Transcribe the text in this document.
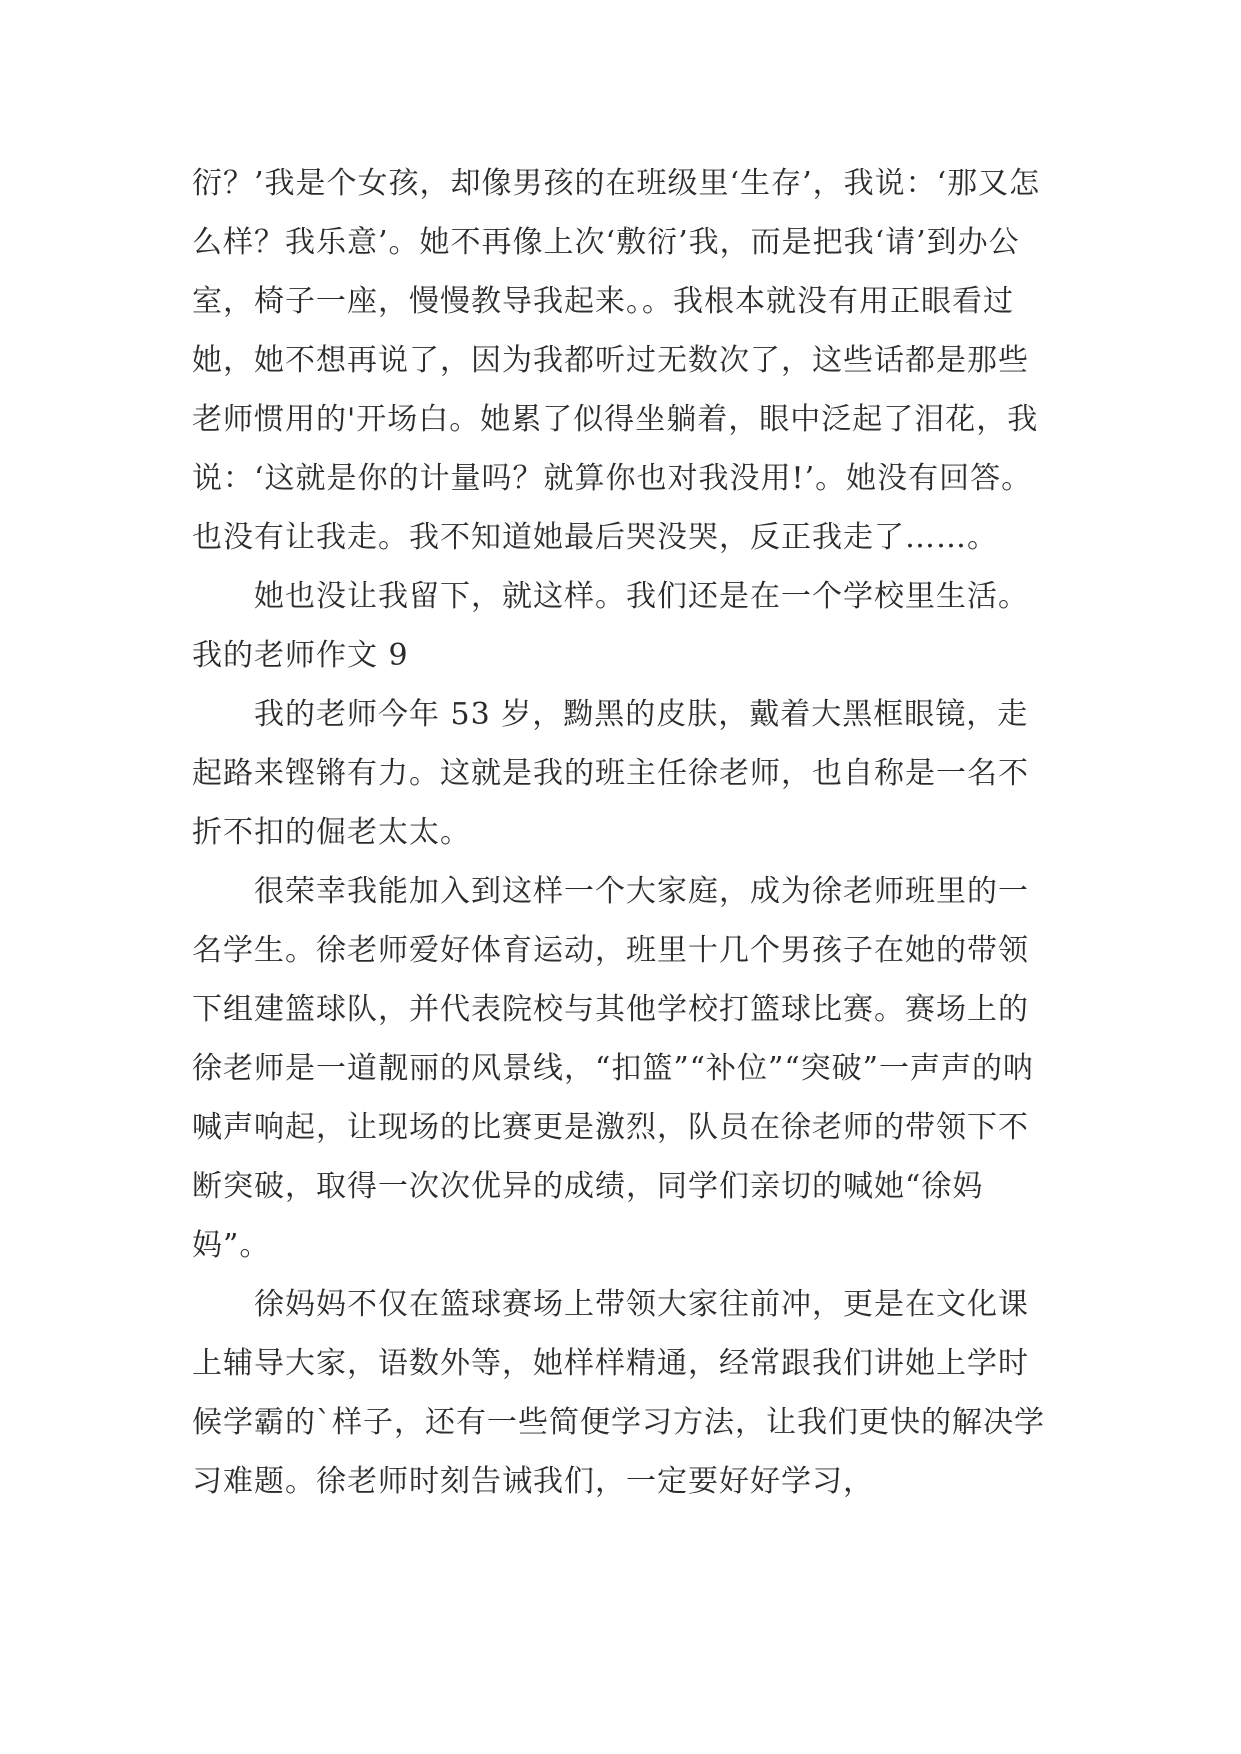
衍？’我是个女孩，却像男孩的在班级里‘生存’，我说：‘那又怎么样？我乐意’。她不再像上次‘敷衍’我，而是把我‘请’到办公室，椅子一座，慢慢教导我起来。。我根本就没有用正眼看过她，她不想再说了，因为我都听过无数次了，这些话都是那些老师惯用的'开场白。她累了似得坐躺着，眼中泛起了泪花，我说：‘这就是你的计量吗？就算你也对我没用!’。她没有回答。也没有让我走。我不知道她最后哭没哭，反正我走了……。

她也没让我留下，就这样。我们还是在一个学校里生活。

我的老师作文 9

我的老师今年 53 岁，黝黑的皮肤，戴着大黑框眼镜，走起路来铿锵有力。这就是我的班主任徐老师，也自称是一名不折不扣的倔老太太。

很荣幸我能加入到这样一个大家庭，成为徐老师班里的一名学生。徐老师爱好体育运动，班里十几个男孩子在她的带领下组建篮球队，并代表院校与其他学校打篮球比赛。赛场上的徐老师是一道靓丽的风景线，“扣篮”“补位”“突破”一声声的呐喊声响起，让现场的比赛更是激烈，队员在徐老师的带领下不断突破，取得一次次优异的成绩，同学们亲切的喊她“徐妈妈”。

徐妈妈不仅在篮球赛场上带领大家往前冲，更是在文化课上辅导大家，语数外等，她样样精通，经常跟我们讲她上学时候学霸的`样子，还有一些简便学习方法，让我们更快的解决学习难题。徐老师时刻告诫我们，一定要好好学习，
